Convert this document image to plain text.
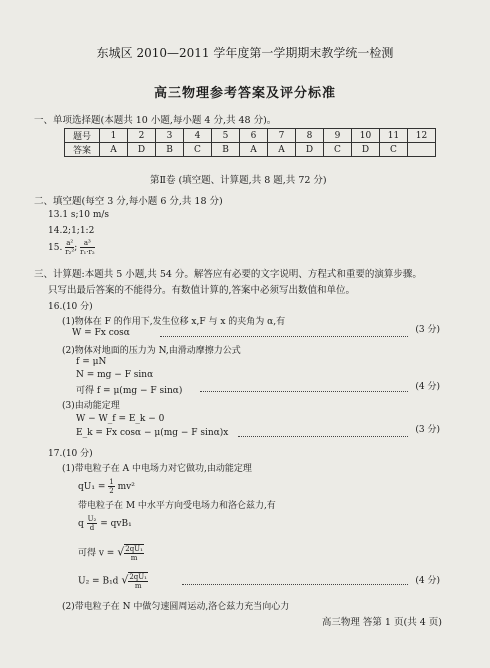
东城区 2010—2011 学年度第一学期期末教学统一检测
高三物理参考答案及评分标准
一、单项选择题(本题共 10 小题,每小题 4 分,共 48 分)。
题号	1	2	3	4	5	6	7	8	9	10	11	12
答案	A	D	B	C	B	A	A	D	C	D	C	
第Ⅱ卷 (填空题、计算题,共 8 题,共 72 分)
二、填空题(每空 3 分,每小题 6 分,共 18 分)
13.1 s;10 m/s
14.2;1;1:2
15. $\frac{\text{a²}}{\text{r₂²}}$ ; $\frac{\text{a³}}{\text{r₁·r₂}}$
三、计算题:本题共 5 小题,共 54 分。解答应有必要的文字说明、方程式和重要的演算步骤。
只写出最后答案的不能得分。有数值计算的,答案中必须写出数值和单位。
16.(10 分)
(1)物体在 F 的作用下,发生位移 x,F 与 x 的夹角为 α,有
W = Fx cosα	(3 分)
(2)物体对地面的压力为 N,由滑动摩擦力公式
f = μN
N = mg − F sinα
可得 f = μ(mg − F sinα)	(4 分)
(3)由动能定理
W − W_f = E_k − 0
E_k = Fx cosα − μ(mg − F sinα)x	(3 分)
17.(10 分)
(1)带电粒子在 A 中电场力对它做功,由动能定理
$qU_1 = \frac{1}{2} mv^2$
带电粒子在 M 中水平方向受电场力和洛仑兹力,有
q $\frac{\text{U₂}}{d} = qvB_1$
可得 v = √ $\frac{\text{2qU₁}}{m}$
U₂ = B₁d √ $\frac{\text{2qU₁}}{m}$	(4 分)
(2)带电粒子在 N 中做匀速圆周运动,洛仑兹力充当向心力
高三物理 答第 1 页(共 4 页)
